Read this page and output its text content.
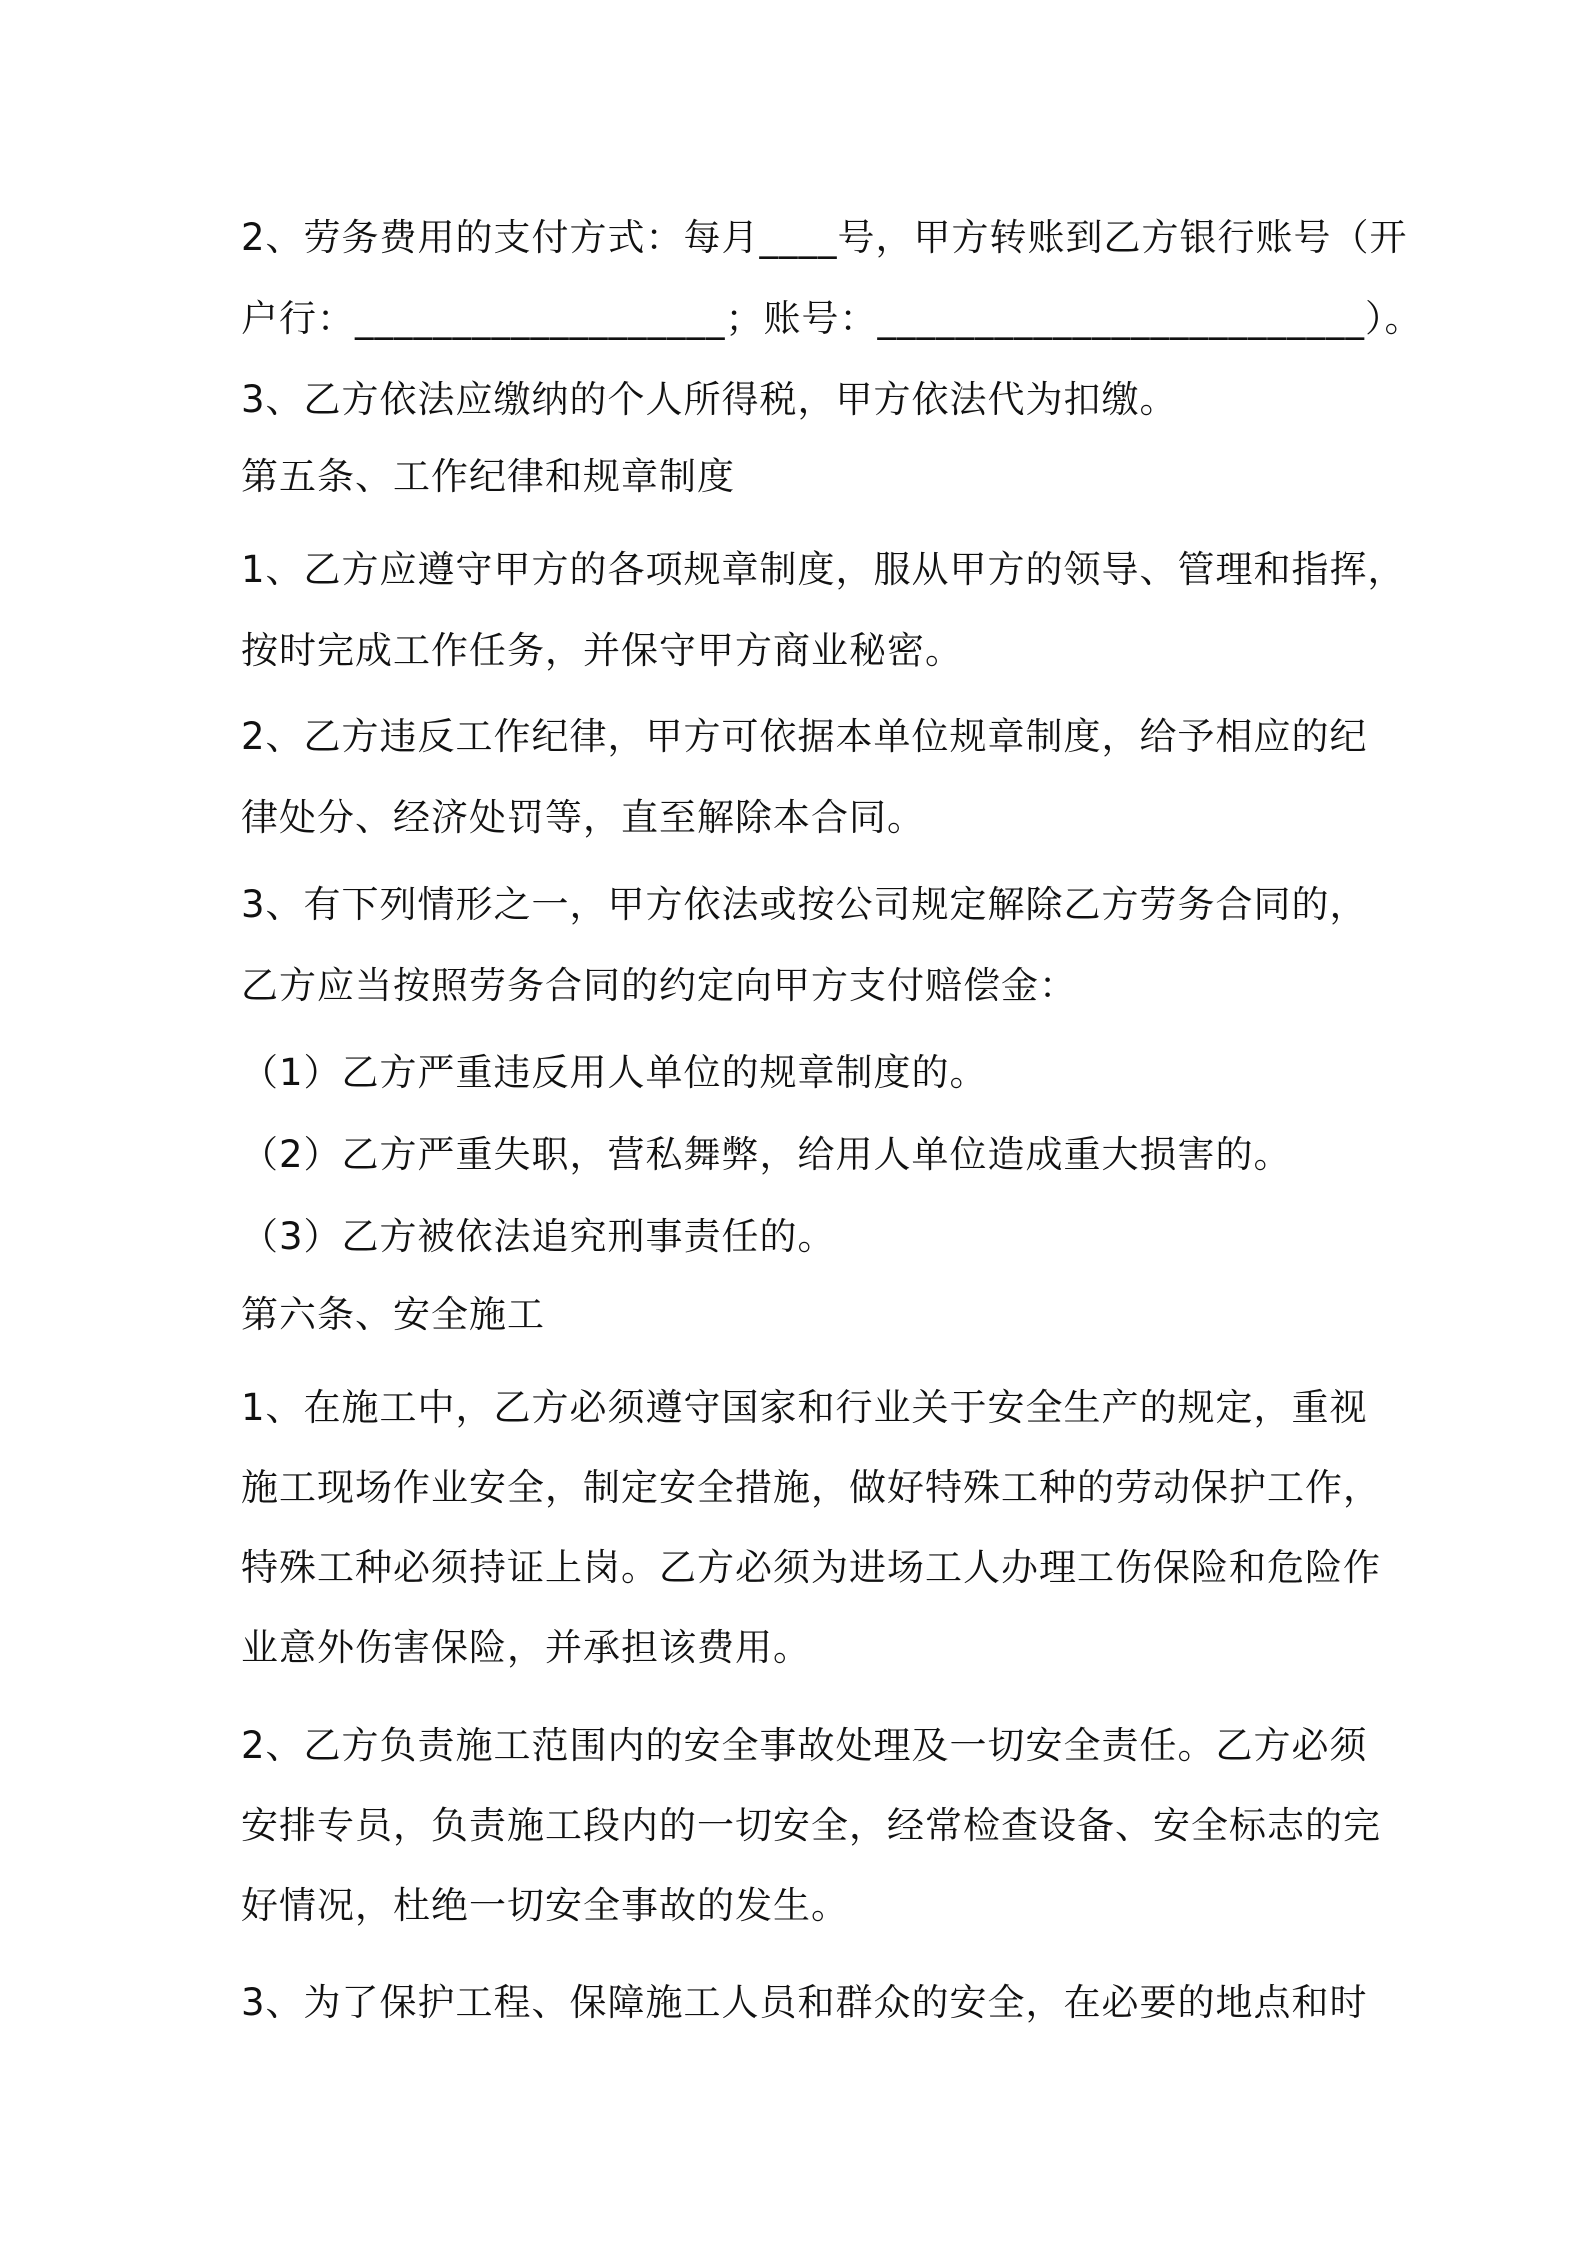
2、劳务费用的支付方式：每月____号，甲方转账到乙方银行账号（开
户行：___________________；账号：_________________________）。
3、乙方依法应缴纳的个人所得税，甲方依法代为扣缴。
第五条、工作纪律和规章制度
1、乙方应遵守甲方的各项规章制度，服从甲方的领导、管理和指挥，
按时完成工作任务，并保守甲方商业秘密。
2、乙方违反工作纪律，甲方可依据本单位规章制度，给予相应的纪
律处分、经济处罚等，直至解除本合同。
3、有下列情形之一，甲方依法或按公司规定解除乙方劳务合同的，
乙方应当按照劳务合同的约定向甲方支付赔偿金：
（1）乙方严重违反用人单位的规章制度的。
（2）乙方严重失职，营私舞弊，给用人单位造成重大损害的。
（3）乙方被依法追究刑事责任的。
第六条、安全施工
1、在施工中，乙方必须遵守国家和行业关于安全生产的规定，重视
施工现场作业安全，制定安全措施，做好特殊工种的劳动保护工作，
特殊工种必须持证上岗。乙方必须为进场工人办理工伤保险和危险作
业意外伤害保险，并承担该费用。
2、乙方负责施工范围内的安全事故处理及一切安全责任。乙方必须
安排专员，负责施工段内的一切安全，经常检查设备、安全标志的完
好情况，杜绝一切安全事故的发生。
3、为了保护工程、保障施工人员和群众的安全，在必要的地点和时
